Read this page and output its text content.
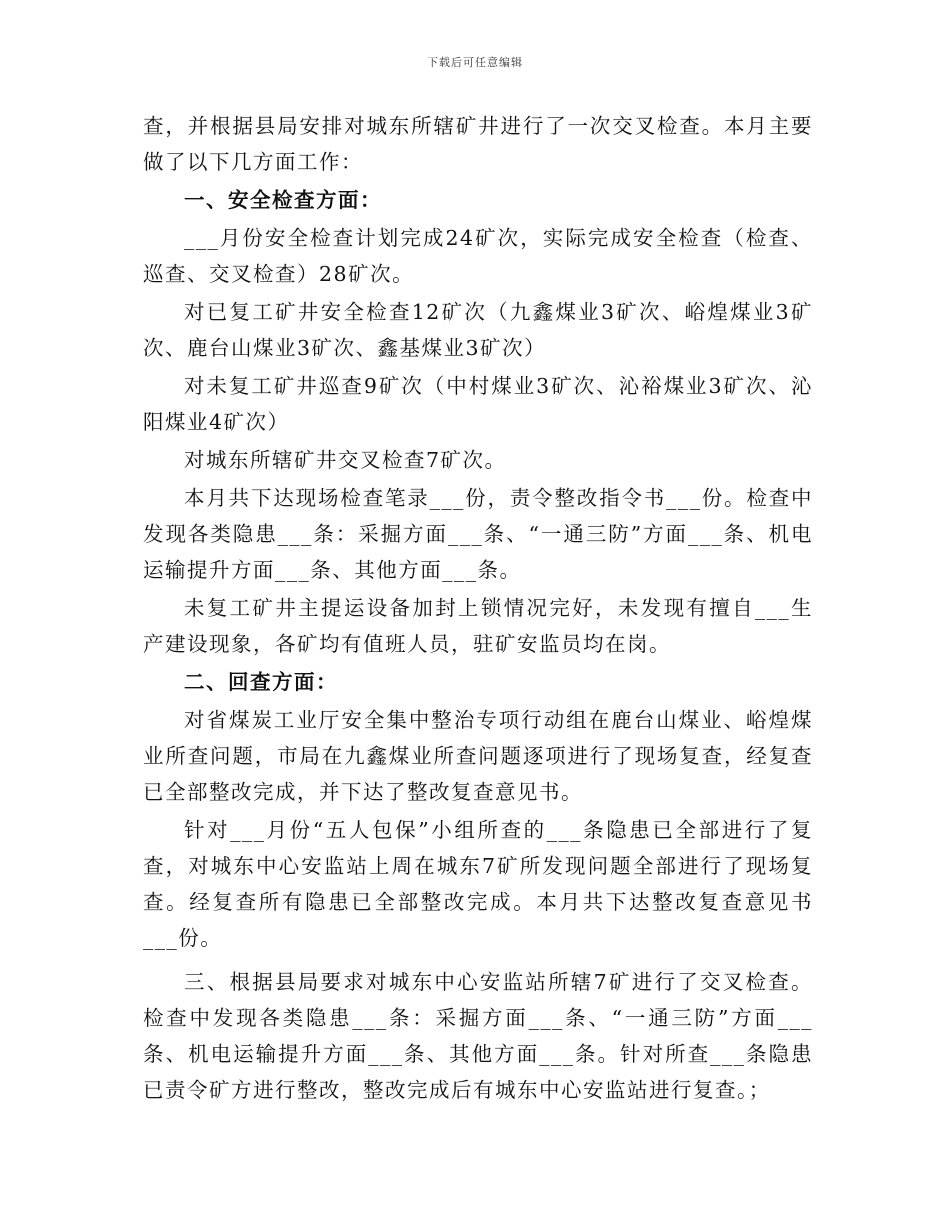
下载后可任意编辑

查，并根据县局安排对城东所辖矿井进行了一次交叉检查。本月主要做了以下几方面工作：

一、安全检查方面：

___月份安全检查计划完成24矿次，实际完成安全检查（检查、巡查、交叉检查）28矿次。

对已复工矿井安全检查12矿次（九鑫煤业3矿次、峪煌煤业3矿次、鹿台山煤业3矿次、鑫基煤业3矿次）

对未复工矿井巡查9矿次（中村煤业3矿次、沁裕煤业3矿次、沁阳煤业4矿次）

对城东所辖矿井交叉检查7矿次。

本月共下达现场检查笔录___份，责令整改指令书___份。检查中发现各类隐患___条：采掘方面___条、“一通三防”方面___条、机电运输提升方面___条、其他方面___条。

未复工矿井主提运设备加封上锁情况完好，未发现有擅自___生产建设现象，各矿均有值班人员，驻矿安监员均在岗。

二、回查方面：

对省煤炭工业厅安全集中整治专项行动组在鹿台山煤业、峪煌煤业所查问题，市局在九鑫煤业所查问题逐项进行了现场复查，经复查已全部整改完成，并下达了整改复查意见书。

针对___月份“五人包保”小组所查的___条隐患已全部进行了复查，对城东中心安监站上周在城东7矿所发现问题全部进行了现场复查。经复查所有隐患已全部整改完成。本月共下达整改复查意见书___份。

三、根据县局要求对城东中心安监站所辖7矿进行了交叉检查。检查中发现各类隐患___条：采掘方面___条、“一通三防”方面___条、机电运输提升方面___条、其他方面___条。针对所查___条隐患已责令矿方进行整改，整改完成后有城东中心安监站进行复查。；
